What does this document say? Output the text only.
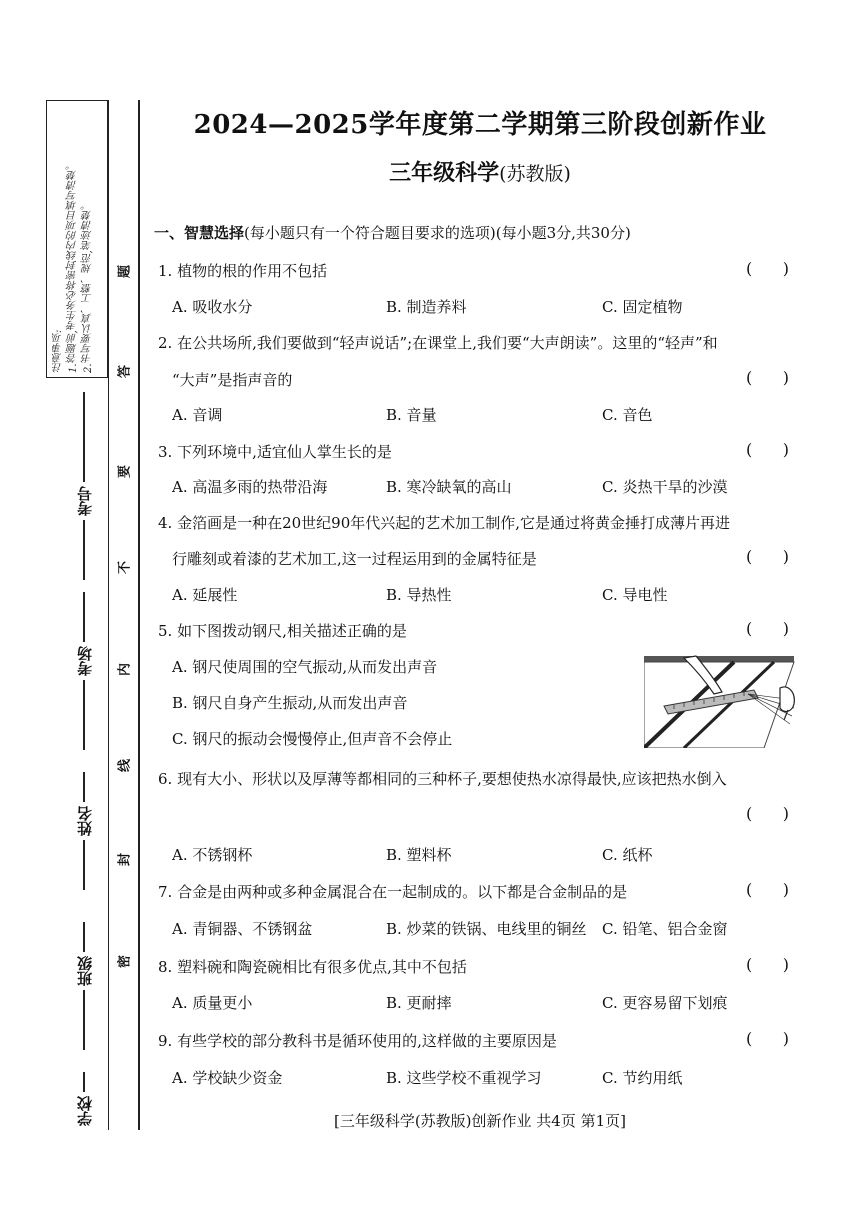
注意事项: 1.答题前,考生务必将密封线内的项目填写清楚。 2.书写要认真、工整、规范,笔迹清楚。
考号
考场
姓名
班级
学校
题
答
要
不
内
线
封
密
2024—2025学年度第二学期第三阶段创新作业
三年级科学(苏教版)
一、智慧选择(每小题只有一个符合题目要求的选项)(每小题3分,共30分)
1. 植物的根的作用不包括	(      )
A. 吸收水分	B. 制造养料	C. 固定植物
2. 在公共场所,我们要做到“轻声说话”;在课堂上,我们要“大声朗读”。这里的“轻声”和
“大声”是指声音的	(      )
A. 音调	B. 音量	C. 音色
3. 下列环境中,适宜仙人掌生长的是	(      )
A. 高温多雨的热带沿海	B. 寒冷缺氧的高山	C. 炎热干旱的沙漠
4. 金箔画是一种在20世纪90年代兴起的艺术加工制作,它是通过将黄金捶打成薄片再进
行雕刻或着漆的艺术加工,这一过程运用到的金属特征是	(      )
A. 延展性	B. 导热性	C. 导电性
5. 如下图拨动钢尺,相关描述正确的是	(      )
A. 钢尺使周围的空气振动,从而发出声音
B. 钢尺自身产生振动,从而发出声音
C. 钢尺的振动会慢慢停止,但声音不会停止
6. 现有大小、形状以及厚薄等都相同的三种杯子,要想使热水凉得最快,应该把热水倒入
(      )
A. 不锈钢杯	B. 塑料杯	C. 纸杯
7. 合金是由两种或多种金属混合在一起制成的。以下都是合金制品的是	(      )
A. 青铜器、不锈钢盆	B. 炒菜的铁锅、电线里的铜丝 C. 铅笔、铝合金窗
8. 塑料碗和陶瓷碗相比有很多优点,其中不包括	(      )
A. 质量更小	B. 更耐摔	C. 更容易留下划痕
9. 有些学校的部分教科书是循环使用的,这样做的主要原因是	(      )
A. 学校缺少资金	B. 这些学校不重视学习	C. 节约用纸
[三年级科学(苏教版)创新作业 共4页 第1页]
